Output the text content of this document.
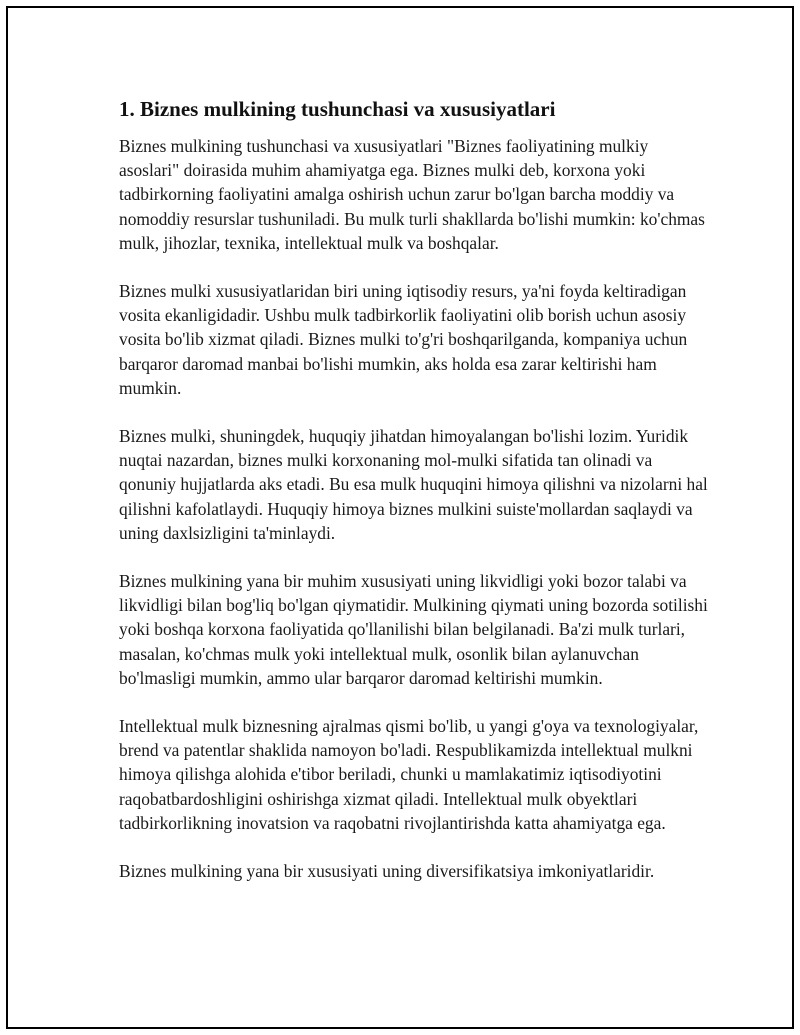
1. Biznes mulkining tushunchasi va xususiyatlari

Biznes mulkining tushunchasi va xususiyatlari "Biznes faoliyatining mulkiy asoslari" doirasida muhim ahamiyatga ega. Biznes mulki deb, korxona yoki tadbirkorning faoliyatini amalga oshirish uchun zarur bo'lgan barcha moddiy va nomoddiy resurslar tushuniladi. Bu mulk turli shakllarda bo'lishi mumkin: ko'chmas mulk, jihozlar, texnika, intellektual mulk va boshqalar.

Biznes mulki xususiyatlaridan biri uning iqtisodiy resurs, ya'ni foyda keltiradigan vosita ekanligidadir. Ushbu mulk tadbirkorlik faoliyatini olib borish uchun asosiy vosita bo'lib xizmat qiladi. Biznes mulki to'g'ri boshqarilganda, kompaniya uchun barqaror daromad manbai bo'lishi mumkin, aks holda esa zarar keltirishi ham mumkin.

Biznes mulki, shuningdek, huquqiy jihatdan himoyalangan bo'lishi lozim. Yuridik nuqtai nazardan, biznes mulki korxonaning mol-mulki sifatida tan olinadi va qonuniy hujjatlarda aks etadi. Bu esa mulk huquqini himoya qilishni va nizolarni hal qilishni kafolatlaydi. Huquqiy himoya biznes mulkini suiste'mollardan saqlaydi va uning daxlsizligini ta'minlaydi.

Biznes mulkining yana bir muhim xususiyati uning likvidligi yoki bozor talabi va likvidligi bilan bog'liq bo'lgan qiymatidir. Mulkining qiymati uning bozorda sotilishi yoki boshqa korxona faoliyatida qo'llanilishi bilan belgilanadi. Ba'zi mulk turlari, masalan, ko'chmas mulk yoki intellektual mulk, osonlik bilan aylanuvchan bo'lmasligi mumkin, ammo ular barqaror daromad keltirishi mumkin.

Intellektual mulk biznesning ajralmas qismi bo'lib, u yangi g'oya va texnologiyalar, brend va patentlar shaklida namoyon bo'ladi. Respublikamizda intellektual mulkni himoya qilishga alohida e'tibor beriladi, chunki u mamlakatimiz iqtisodiyotini raqobatbardoshligini oshirishga xizmat qiladi. Intellektual mulk obyektlari tadbirkorlikning inovatsion va raqobatni rivojlantirishda katta ahamiyatga ega.

Biznes mulkining yana bir xususiyati uning diversifikatsiya imkoniyatlaridir.
